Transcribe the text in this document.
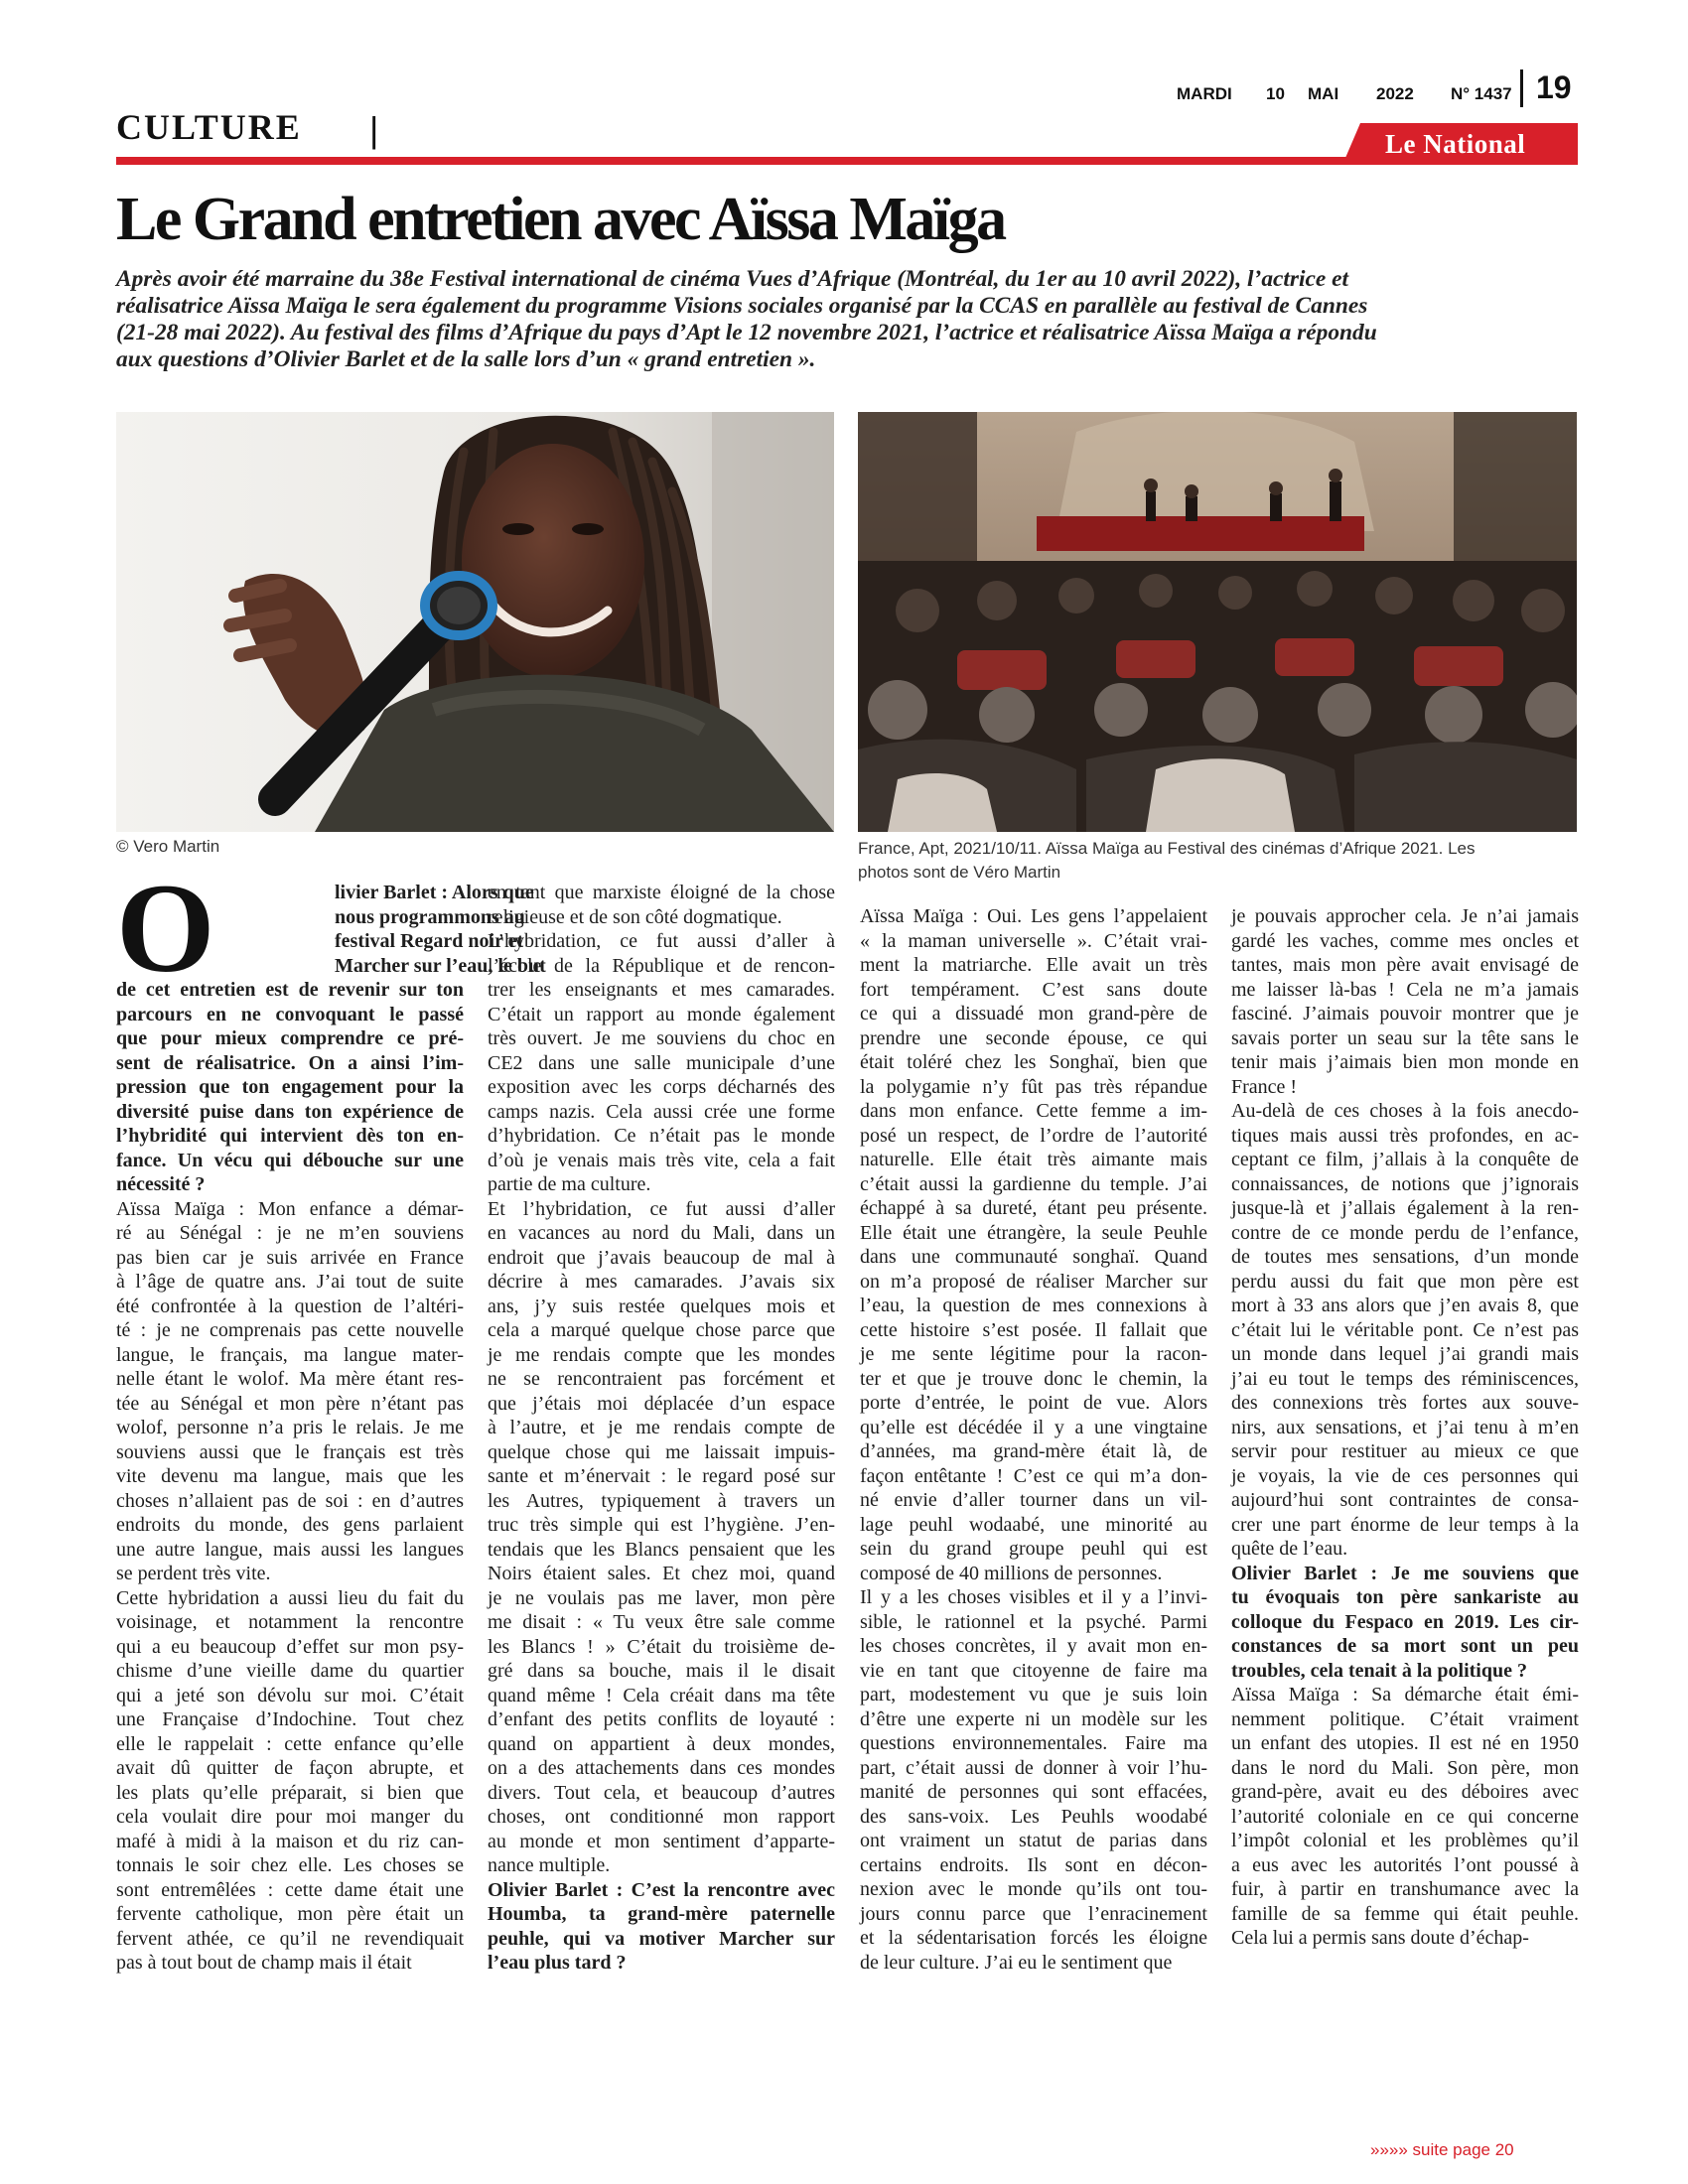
CULTURE |
MARDI	10	MAI	2022	N° 1437 19
Le National
Le Grand entretien avec Aïssa Maïga
Après avoir été marraine du 38e Festival international de cinéma Vues d’Afrique (Montréal, du 1er au 10 avril 2022), l’actrice et
réalisatrice Aïssa Maïga le sera également du programme Visions sociales organisé par la CCAS en parallèle au festival de Cannes
(21-28 mai 2022). Au festival des films d’Afrique du pays d’Apt le 12 novembre 2021, l’actrice et réalisatrice Aïssa Maïga a répondu
aux questions d’Olivier Barlet et de la salle lors d’un « grand entretien ».
© Vero Martin	France, Apt, 2021/10/11. Aïssa Maïga au Festival des cinémas d’Afrique 2021. Les
photos sont de Véro Martin
O	livier Barlet : Alors que
nous programmons au
festival Regard noir et
Marcher sur l’eau, le but
de cet entretien est de revenir sur ton
parcours en ne convoquant le passé
que pour mieux comprendre ce pré-
sent de réalisatrice. On a ainsi l’im-
pression que ton engagement pour la
diversité puise dans ton expérience de
l’hybridité qui intervient dès ton en-
fance. Un vécu qui débouche sur une
nécessité ?
Aïssa Maïga : Mon enfance a démar-
ré au Sénégal : je ne m’en souviens
pas bien car je suis arrivée en France
à l’âge de quatre ans. J’ai tout de suite
été confrontée à la question de l’altéri-
té : je ne comprenais pas cette nouvelle
langue, le français, ma langue mater-
nelle étant le wolof. Ma mère étant res-
tée au Sénégal et mon père n’étant pas
wolof, personne n’a pris le relais. Je me
souviens aussi que le français est très
vite devenu ma langue, mais que les
choses n’allaient pas de soi : en d’autres
endroits du monde, des gens parlaient
une autre langue, mais aussi les langues
se perdent très vite.
Cette hybridation a aussi lieu du fait du
voisinage, et notamment la rencontre
qui a eu beaucoup d’effet sur mon psy-
chisme d’une vieille dame du quartier
qui a jeté son dévolu sur moi. C’était
une Française d’Indochine. Tout chez
elle le rappelait : cette enfance qu’elle
avait dû quitter de façon abrupte, et
les plats qu’elle préparait, si bien que
cela voulait dire pour moi manger du
mafé à midi à la maison et du riz can-
tonnais le soir chez elle. Les choses se
sont entremêlées : cette dame était une
fervente catholique, mon père était un
fervent athée, ce qu’il ne revendiquait
pas à tout bout de champ mais il était
en tant que marxiste éloigné de la chose
religieuse et de son côté dogmatique.
L’hybridation, ce fut aussi d’aller à
l’école de la République et de rencon-
trer les enseignants et mes camarades.
C’était un rapport au monde également
très ouvert. Je me souviens du choc en
CE2 dans une salle municipale d’une
exposition avec les corps décharnés des
camps nazis. Cela aussi crée une forme
d’hybridation. Ce n’était pas le monde
d’où je venais mais très vite, cela a fait
partie de ma culture.
Et l’hybridation, ce fut aussi d’aller
en vacances au nord du Mali, dans un
endroit que j’avais beaucoup de mal à
décrire à mes camarades. J’avais six
ans, j’y suis restée quelques mois et
cela a marqué quelque chose parce que
je me rendais compte que les mondes
ne se rencontraient pas forcément et
que j’étais moi déplacée d’un espace
à l’autre, et je me rendais compte de
quelque chose qui me laissait impuis-
sante et m’énervait : le regard posé sur
les Autres, typiquement à travers un
truc très simple qui est l’hygiène. J’en-
tendais que les Blancs pensaient que les
Noirs étaient sales. Et chez moi, quand
je ne voulais pas me laver, mon père
me disait : « Tu veux être sale comme
les Blancs ! » C’était du troisième de-
gré dans sa bouche, mais il le disait
quand même ! Cela créait dans ma tête
d’enfant des petits conflits de loyauté :
quand on appartient à deux mondes,
on a des attachements dans ces mondes
divers. Tout cela, et beaucoup d’autres
choses, ont conditionné mon rapport
au monde et mon sentiment d’apparte-
nance multiple.
Olivier Barlet : C’est la rencontre avec
Houmba, ta grand-mère paternelle
peuhle, qui va motiver Marcher sur
l’eau plus tard ?
Aïssa Maïga : Oui. Les gens l’appelaient
« la maman universelle ». C’était vrai-
ment la matriarche. Elle avait un très
fort tempérament. C’est sans doute
ce qui a dissuadé mon grand-père de
prendre une seconde épouse, ce qui
était toléré chez les Songhaï, bien que
la polygamie n’y fût pas très répandue
dans mon enfance. Cette femme a im-
posé un respect, de l’ordre de l’autorité
naturelle. Elle était très aimante mais
c’était aussi la gardienne du temple. J’ai
échappé à sa dureté, étant peu présente.
Elle était une étrangère, la seule Peuhle
dans une communauté songhaï. Quand
on m’a proposé de réaliser Marcher sur
l’eau, la question de mes connexions à
cette histoire s’est posée. Il fallait que
je me sente légitime pour la racon-
ter et que je trouve donc le chemin, la
porte d’entrée, le point de vue. Alors
qu’elle est décédée il y a une vingtaine
d’années, ma grand-mère était là, de
façon entêtante ! C’est ce qui m’a don-
né envie d’aller tourner dans un vil-
lage peuhl wodaabé, une minorité au
sein du grand groupe peuhl qui est
composé de 40 millions de personnes.
Il y a les choses visibles et il y a l’invi-
sible, le rationnel et la psyché. Parmi
les choses concrètes, il y avait mon en-
vie en tant que citoyenne de faire ma
part, modestement vu que je suis loin
d’être une experte ni un modèle sur les
questions environnementales. Faire ma
part, c’était aussi de donner à voir l’hu-
manité de personnes qui sont effacées,
des sans-voix. Les Peuhls woodabé
ont vraiment un statut de parias dans
certains endroits. Ils sont en décon-
nexion avec le monde qu’ils ont tou-
jours connu parce que l’enracinement
et la sédentarisation forcés les éloigne
de leur culture. J’ai eu le sentiment que
je pouvais approcher cela. Je n’ai jamais
gardé les vaches, comme mes oncles et
tantes, mais mon père avait envisagé de
me laisser là-bas ! Cela ne m’a jamais
fasciné. J’aimais pouvoir montrer que je
savais porter un seau sur la tête sans le
tenir mais j’aimais bien mon monde en
France !
Au-delà de ces choses à la fois anecdo-
tiques mais aussi très profondes, en ac-
ceptant ce film, j’allais à la conquête de
connaissances, de notions que j’ignorais
jusque-là et j’allais également à la ren-
contre de ce monde perdu de l’enfance,
de toutes mes sensations, d’un monde
perdu aussi du fait que mon père est
mort à 33 ans alors que j’en avais 8, que
c’était lui le véritable pont. Ce n’est pas
un monde dans lequel j’ai grandi mais
j’ai eu tout le temps des réminiscences,
des connexions très fortes aux souve-
nirs, aux sensations, et j’ai tenu à m’en
servir pour restituer au mieux ce que
je voyais, la vie de ces personnes qui
aujourd’hui sont contraintes de consa-
crer une part énorme de leur temps à la
quête de l’eau.
Olivier Barlet : Je me souviens que
tu évoquais ton père sankariste au
colloque du Fespaco en 2019. Les cir-
constances de sa mort sont un peu
troubles, cela tenait à la politique ?
Aïssa Maïga : Sa démarche était émi-
nemment politique. C’était vraiment
un enfant des utopies. Il est né en 1950
dans le nord du Mali. Son père, mon
grand-père, avait eu des déboires avec
l’autorité coloniale en ce qui concerne
l’impôt colonial et les problèmes qu’il
a eus avec les autorités l’ont poussé à
fuir, à partir en transhumance avec la
famille de sa femme qui était peuhle.
Cela lui a permis sans doute d’échap-
»»»» suite page 20
